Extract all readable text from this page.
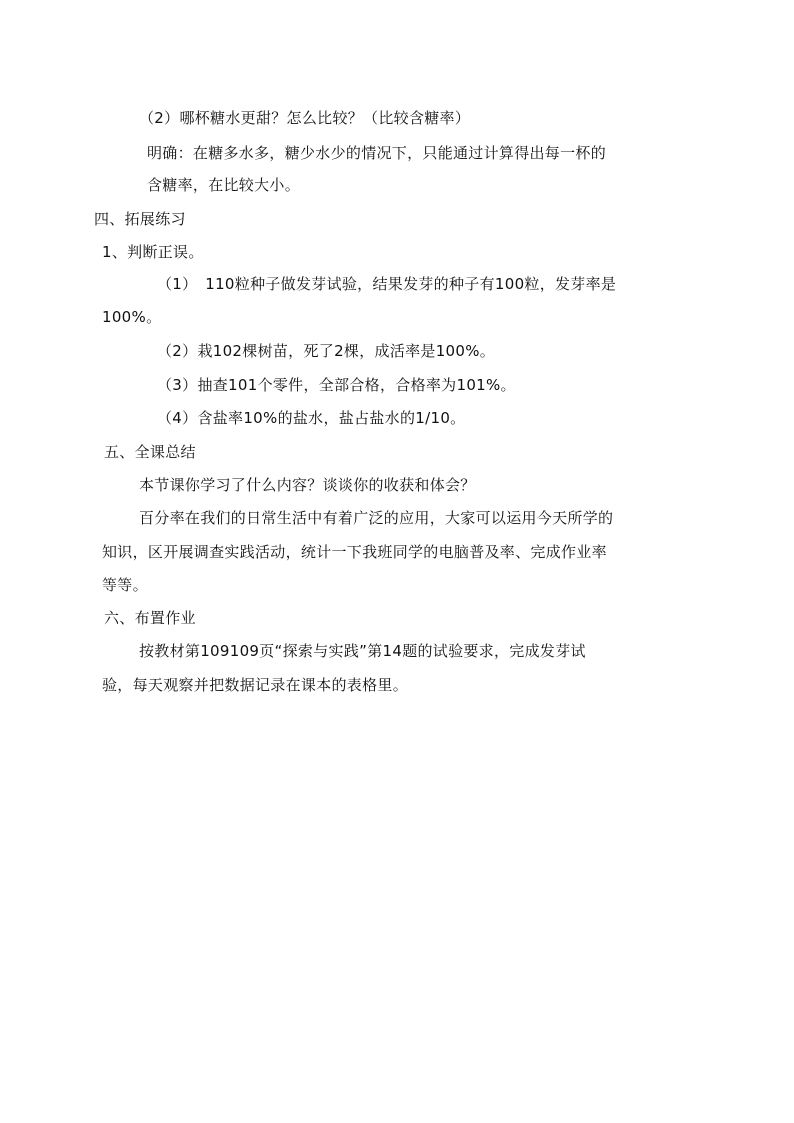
（2）哪杯糖水更甜？怎么比较？（比较含糖率）
明确：在糖多水多，糖少水少的情况下，只能通过计算得出每一杯的
含糖率，在比较大小。
四、拓展练习
1、判断正误。
（1）　110粒种子做发芽试验，结果发芽的种子有100粒，发芽率是
100%。
（2）栽102棵树苗，死了2棵，成活率是100%。
（3）抽查101个零件，全部合格，合格率为101%。
（4）含盐率10%的盐水，盐占盐水的1/10。
五、全课总结
本节课你学习了什么内容？谈谈你的收获和体会？
百分率在我们的日常生活中有着广泛的应用，大家可以运用今天所学的
知识，区开展调查实践活动，统计一下我班同学的电脑普及率、完成作业率
等等。
六、布置作业
按教材第109109页“探索与实践”第14题的试验要求，完成发芽试
验，每天观察并把数据记录在课本的表格里。
